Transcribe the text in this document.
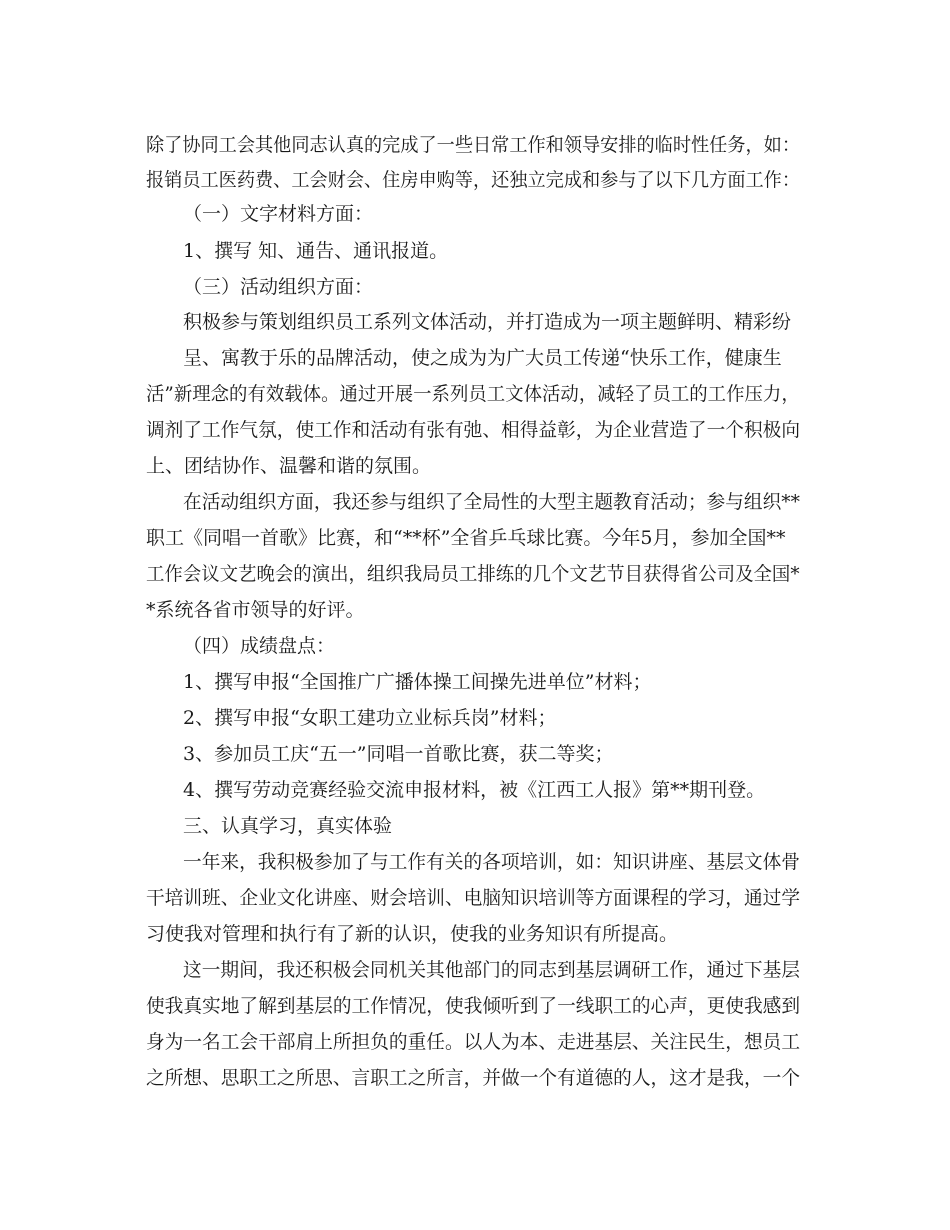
除了协同工会其他同志认真的完成了一些日常工作和领导安排的临时性任务，如：
报销员工医药费、工会财会、住房申购等，还独立完成和参与了以下几方面工作：
（一）文字材料方面：
1、撰写 知、通告、通讯报道。
（三）活动组织方面：
积极参与策划组织员工系列文体活动，并打造成为一项主题鲜明、精彩纷
呈、寓教于乐的品牌活动，使之成为为广大员工传递“快乐工作，健康生
活”新理念的有效载体。通过开展一系列员工文体活动，减轻了员工的工作压力，
调剂了工作气氛，使工作和活动有张有弛、相得益彰，为企业营造了一个积极向
上、团结协作、温馨和谐的氛围。
在活动组织方面，我还参与组织了全局性的大型主题教育活动；参与组织**
职工《同唱一首歌》比赛，和“**杯”全省乒乓球比赛。今年5月，参加全国**
工作会议文艺晚会的演出，组织我局员工排练的几个文艺节目获得省公司及全国*
*系统各省市领导的好评。
（四）成绩盘点：
1、撰写申报“全国推广广播体操工间操先进单位”材料；
2、撰写申报“女职工建功立业标兵岗”材料；
3、参加员工庆“五一”同唱一首歌比赛，获二等奖；
4、撰写劳动竞赛经验交流申报材料，被《江西工人报》第**期刊登。
三、认真学习，真实体验
一年来，我积极参加了与工作有关的各项培训，如：知识讲座、基层文体骨
干培训班、企业文化讲座、财会培训、电脑知识培训等方面课程的学习，通过学
习使我对管理和执行有了新的认识，使我的业务知识有所提高。
这一期间，我还积极会同机关其他部门的同志到基层调研工作，通过下基层
使我真实地了解到基层的工作情况，使我倾听到了一线职工的心声，更使我感到
身为一名工会干部肩上所担负的重任。以人为本、走进基层、关注民生，想员工
之所想、思职工之所思、言职工之所言，并做一个有道德的人，这才是我，一个
